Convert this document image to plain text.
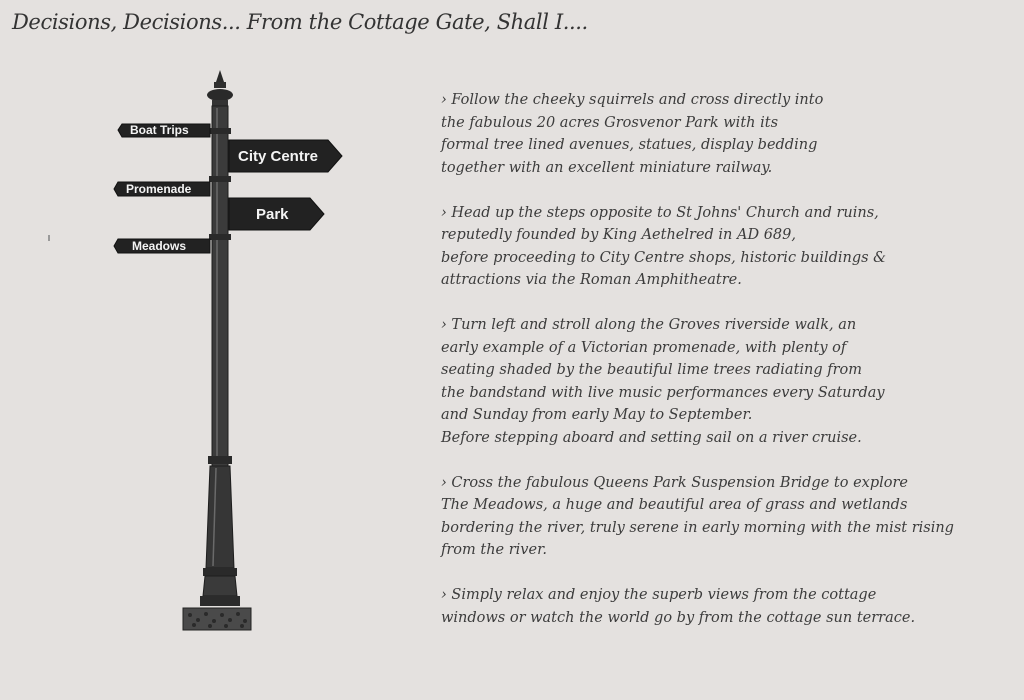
Decisions, Decisions... From the Cottage Gate, Shall I....
Boat Trips
City Centre
Promenade
Park
Meadows

› Follow the cheeky squirrels and cross directly into
the fabulous 20 acres Grosvenor Park with its
formal tree lined avenues, statues, display bedding
together with an excellent miniature railway.

› Head up the steps opposite to St Johns' Church and ruins,
reputedly founded by King Aethelred in AD 689,
before proceeding to City Centre shops, historic buildings &
attractions via the Roman Amphitheatre.

› Turn left and stroll along the Groves riverside walk, an
early example of a Victorian promenade, with plenty of
seating shaded by the beautiful lime trees radiating from
the bandstand with live music performances every Saturday
and Sunday from early May to September.
Before stepping aboard and setting sail on a river cruise.

› Cross the fabulous Queens Park Suspension Bridge to explore
The Meadows, a huge and beautiful area of grass and wetlands
bordering the river, truly serene in early morning with the mist rising
from the river.

› Simply relax and enjoy the superb views from the cottage
windows or watch the world go by from the cottage sun terrace.
